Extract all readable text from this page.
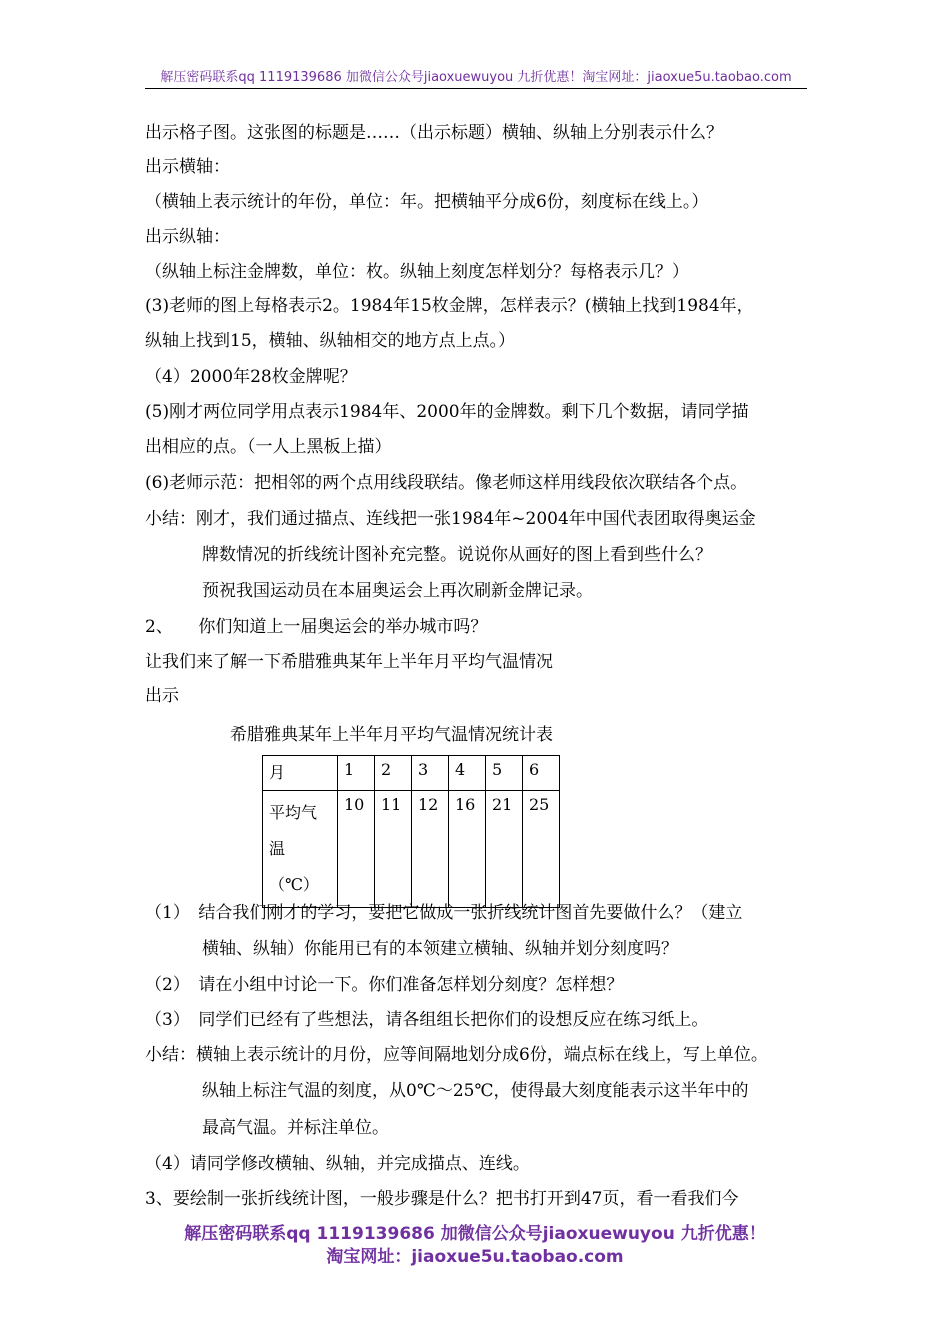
解压密码联系qq 1119139686 加微信公众号jiaoxuewuyou 九折优惠！淘宝网址：jiaoxue5u.taobao.com
出示格子图。这张图的标题是……（出示标题）横轴、纵轴上分别表示什么？
出示横轴：
（横轴上表示统计的年份，单位：年。把横轴平分成6份，刻度标在线上。）
出示纵轴：
（纵轴上标注金牌数，单位：枚。纵轴上刻度怎样划分？每格表示几？）
(3)老师的图上每格表示2。1984年15枚金牌，怎样表示？(横轴上找到1984年，
纵轴上找到15，横轴、纵轴相交的地方点上点。）
（4）2000年28枚金牌呢？
(5)刚才两位同学用点表示1984年、2000年的金牌数。剩下几个数据，请同学描
出相应的点。（一人上黑板上描）
(6)老师示范：把相邻的两个点用线段联结。像老师这样用线段依次联结各个点。
小结：刚才，我们通过描点、连线把一张1984年~2004年中国代表团取得奥运金
牌数情况的折线统计图补充完整。说说你从画好的图上看到些什么？
预祝我国运动员在本届奥运会上再次刷新金牌记录。
2、　　你们知道上一届奥运会的举办城市吗？
让我们来了解一下希腊雅典某年上半年月平均气温情况
出示
希腊雅典某年上半年月平均气温情况统计表
月	1	2	3	4	5	6

平均气
温
（℃）	10	11	12	16	21	25
（1）　结合我们刚才的学习，要把它做成一张折线统计图首先要做什么？（建立
横轴、纵轴）你能用已有的本领建立横轴、纵轴并划分刻度吗？
（2）　请在小组中讨论一下。你们准备怎样划分刻度？怎样想？
（3）　同学们已经有了些想法，请各组组长把你们的设想反应在练习纸上。
小结：横轴上表示统计的月份，应等间隔地划分成6份，端点标在线上，写上单位。
纵轴上标注气温的刻度，从0℃～25℃，使得最大刻度能表示这半年中的
最高气温。并标注单位。
（4）请同学修改横轴、纵轴，并完成描点、连线。
3、要绘制一张折线统计图，一般步骤是什么？把书打开到47页，看一看我们今
解压密码联系qq 1119139686 加微信公众号jiaoxuewuyou 九折优惠！
淘宝网址：jiaoxue5u.taobao.com
